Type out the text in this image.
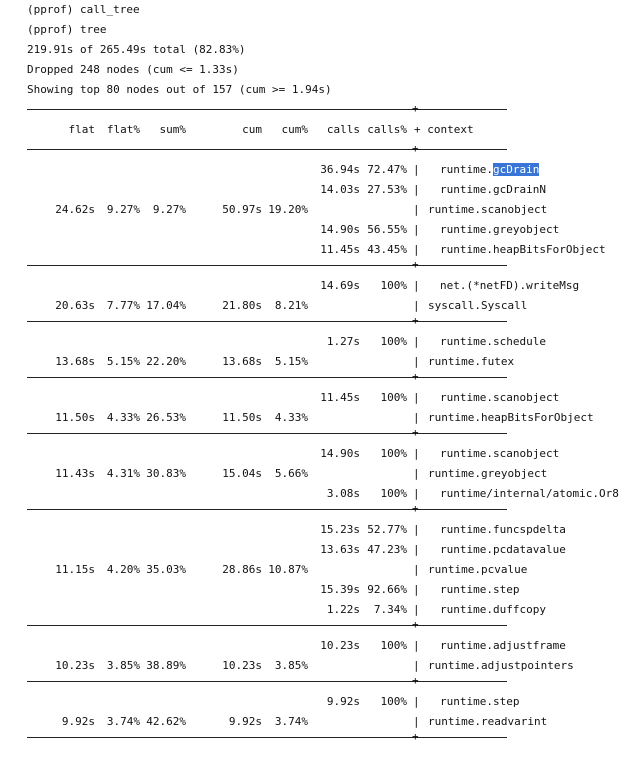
(pprof) call_tree
(pprof) tree
219.91s of 265.49s total (82.83%)
Dropped 248 nodes (cum <= 1.33s)
Showing top 80 nodes out of 157 (cum >= 1.94s)
+
flat flat% sum%	cum cum% calls calls% + context
+
36.94s 72.47% | runtime.gcDrain
14.03s 27.53% | runtime.gcDrainN
24.62s 9.27% 9.27%	50.97s 19.20%	| runtime.scanobject
14.90s 56.55% | runtime.greyobject
11.45s 43.45% | runtime.heapBitsForObject
+
14.69s 100% | net.(*netFD).writeMsg
20.63s 7.77% 17.04%	21.80s 8.21%	| syscall.Syscall
+
1.27s 100% | runtime.schedule
13.68s 5.15% 22.20%	13.68s 5.15%	| runtime.futex
+
11.45s 100% | runtime.scanobject
11.50s 4.33% 26.53%	11.50s 4.33%	| runtime.heapBitsForObject
+
14.90s 100% | runtime.scanobject
11.43s 4.31% 30.83%	15.04s 5.66%	| runtime.greyobject
3.08s 100% | runtime/internal/atomic.Or8
+
15.23s 52.77% | runtime.funcspdelta
13.63s 47.23% | runtime.pcdatavalue
11.15s 4.20% 35.03%	28.86s 10.87%	| runtime.pcvalue
15.39s 92.66% | runtime.step
1.22s 7.34% | runtime.duffcopy
+
10.23s 100% | runtime.adjustframe
10.23s 3.85% 38.89%	10.23s 3.85%	| runtime.adjustpointers
+
9.92s 100% | runtime.step
9.92s 3.74% 42.62%	9.92s 3.74%	| runtime.readvarint
+
